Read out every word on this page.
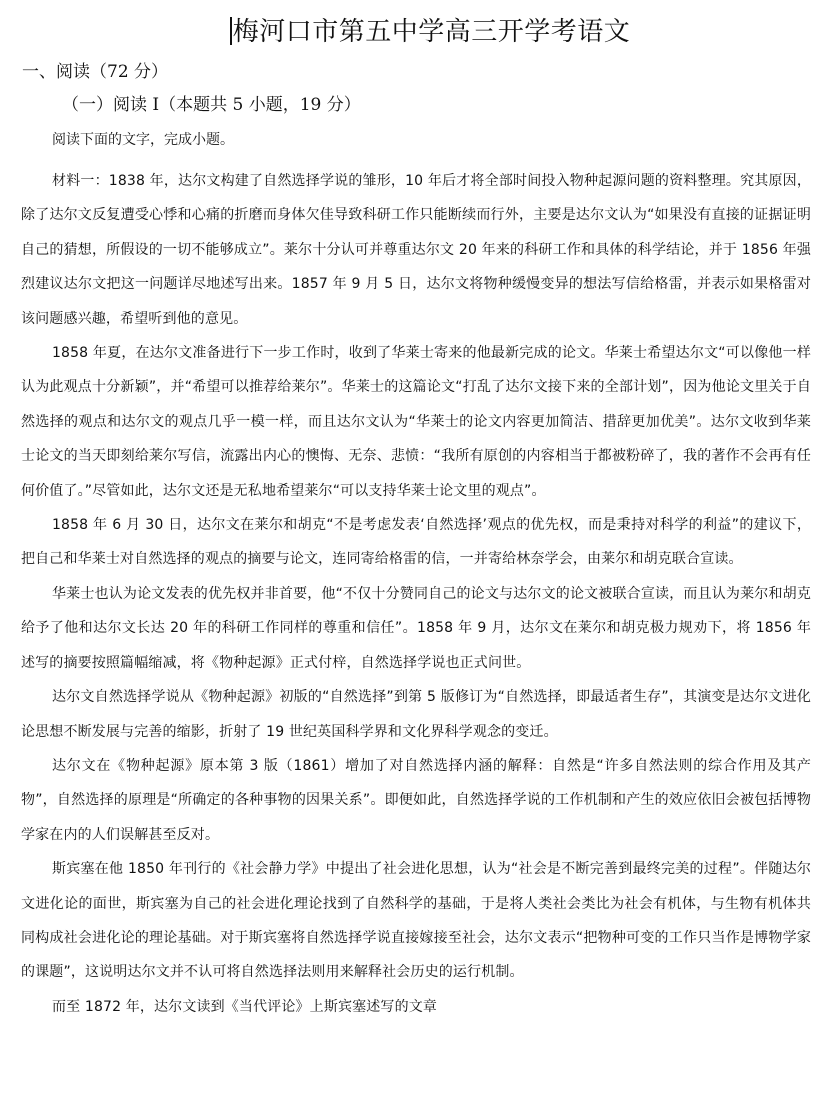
梅河口市第五中学高三开学考语文
一、阅读（72 分）
（一）阅读 I（本题共 5 小题，19 分）
阅读下面的文字，完成小题。

材料一：1838 年，达尔文构建了自然选择学说的雏形，10 年后才将全部时间投入物种起源问题的资料整理。究其原因，除了达尔文反复遭受心悸和心痛的折磨而身体欠佳导致科研工作只能断续而行外，主要是达尔文认为“如果没有直接的证据证明自己的猜想，所假设的一切不能够成立”。莱尔十分认可并尊重达尔文 20 年来的科研工作和具体的科学结论，并于 1856 年强烈建议达尔文把这一问题详尽地述写出来。1857 年 9 月 5 日，达尔文将物种缓慢变异的想法写信给格雷，并表示如果格雷对该问题感兴趣，希望听到他的意见。

1858 年夏，在达尔文准备进行下一步工作时，收到了华莱士寄来的他最新完成的论文。华莱士希望达尔文“可以像他一样认为此观点十分新颖”，并“希望可以推荐给莱尔”。华莱士的这篇论文“打乱了达尔文接下来的全部计划”，因为他论文里关于自然选择的观点和达尔文的观点几乎一模一样，而且达尔文认为“华莱士的论文内容更加简洁、措辞更加优美”。达尔文收到华莱士论文的当天即刻给莱尔写信，流露出内心的懊悔、无奈、悲愤：“我所有原创的内容相当于都被粉碎了，我的著作不会再有任何价值了。”尽管如此，达尔文还是无私地希望莱尔“可以支持华莱士论文里的观点”。

1858 年 6 月 30 日，达尔文在莱尔和胡克“不是考虑发表‘自然选择’观点的优先权，而是秉持对科学的利益”的建议下，把自己和华莱士对自然选择的观点的摘要与论文，连同寄给格雷的信，一并寄给林奈学会，由莱尔和胡克联合宣读。

华莱士也认为论文发表的优先权并非首要，他“不仅十分赞同自己的论文与达尔文的论文被联合宣读，而且认为莱尔和胡克给予了他和达尔文长达 20 年的科研工作同样的尊重和信任”。1858 年 9 月，达尔文在莱尔和胡克极力规劝下，将 1856 年述写的摘要按照篇幅缩减，将《物种起源》正式付梓，自然选择学说也正式问世。

达尔文自然选择学说从《物种起源》初版的“自然选择”到第 5 版修订为“自然选择，即最适者生存”，其演变是达尔文进化论思想不断发展与完善的缩影，折射了 19 世纪英国科学界和文化界科学观念的变迁。

达尔文在《物种起源》原本第 3 版（1861）增加了对自然选择内涵的解释：自然是“许多自然法则的综合作用及其产物”，自然选择的原理是“所确定的各种事物的因果关系”。即便如此，自然选择学说的工作机制和产生的效应依旧会被包括博物学家在内的人们误解甚至反对。

斯宾塞在他 1850 年刊行的《社会静力学》中提出了社会进化思想，认为“社会是不断完善到最终完美的过程”。伴随达尔文进化论的面世，斯宾塞为自己的社会进化理论找到了自然科学的基础，于是将人类社会类比为社会有机体，与生物有机体共同构成社会进化论的理论基础。对于斯宾塞将自然选择学说直接嫁接至社会，达尔文表示“把物种可变的工作只当作是博物学家的课题”，这说明达尔文并不认可将自然选择法则用来解释社会历史的运行机制。

而至 1872 年，达尔文读到《当代评论》上斯宾塞述写的文章
